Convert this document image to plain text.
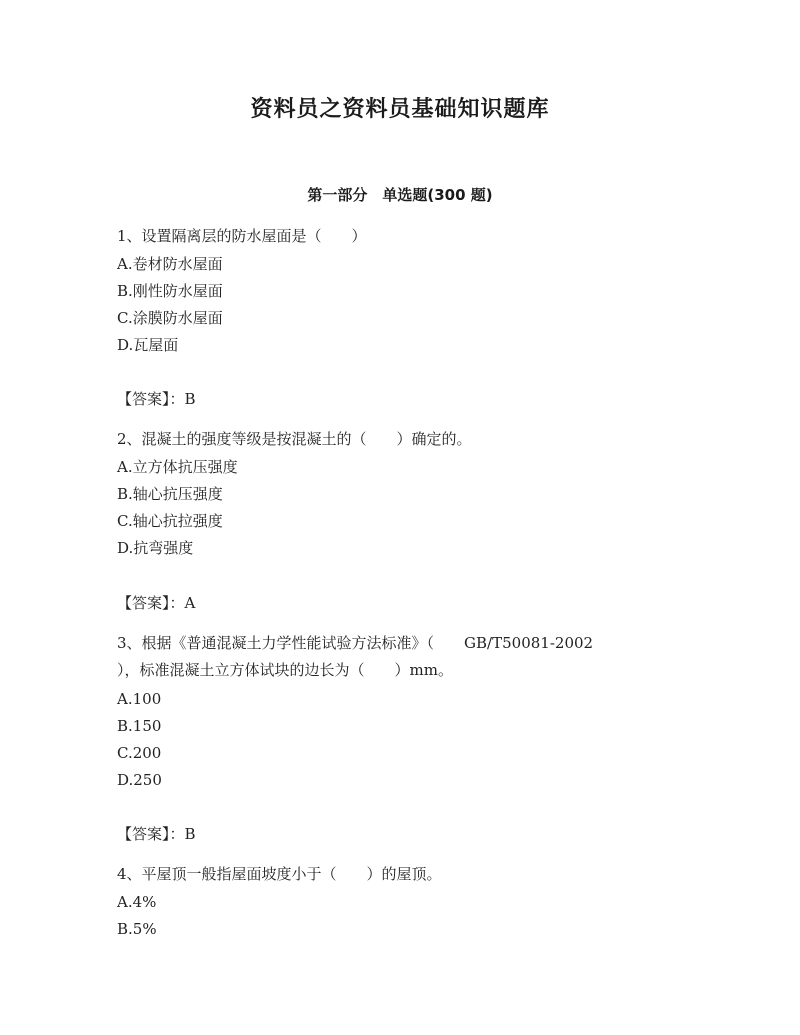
资料员之资料员基础知识题库
第一部分　单选题(300 题)
1、设置隔离层的防水屋面是（　　）
A.卷材防水屋面
B.刚性防水屋面
C.涂膜防水屋面
D.瓦屋面
【答案】：B
2、混凝土的强度等级是按混凝土的（　　）确定的。
A.立方体抗压强度
B.轴心抗压强度
C.轴心抗拉强度
D.抗弯强度
【答案】：A
3、根据《普通混凝土力学性能试验方法标准》（　　GB/T50081-2002
），标准混凝土立方体试块的边长为（　　）mm。
A.100
B.150
C.200
D.250
【答案】：B
4、平屋顶一般指屋面坡度小于（　　）的屋顶。
A.4%
B.5%
